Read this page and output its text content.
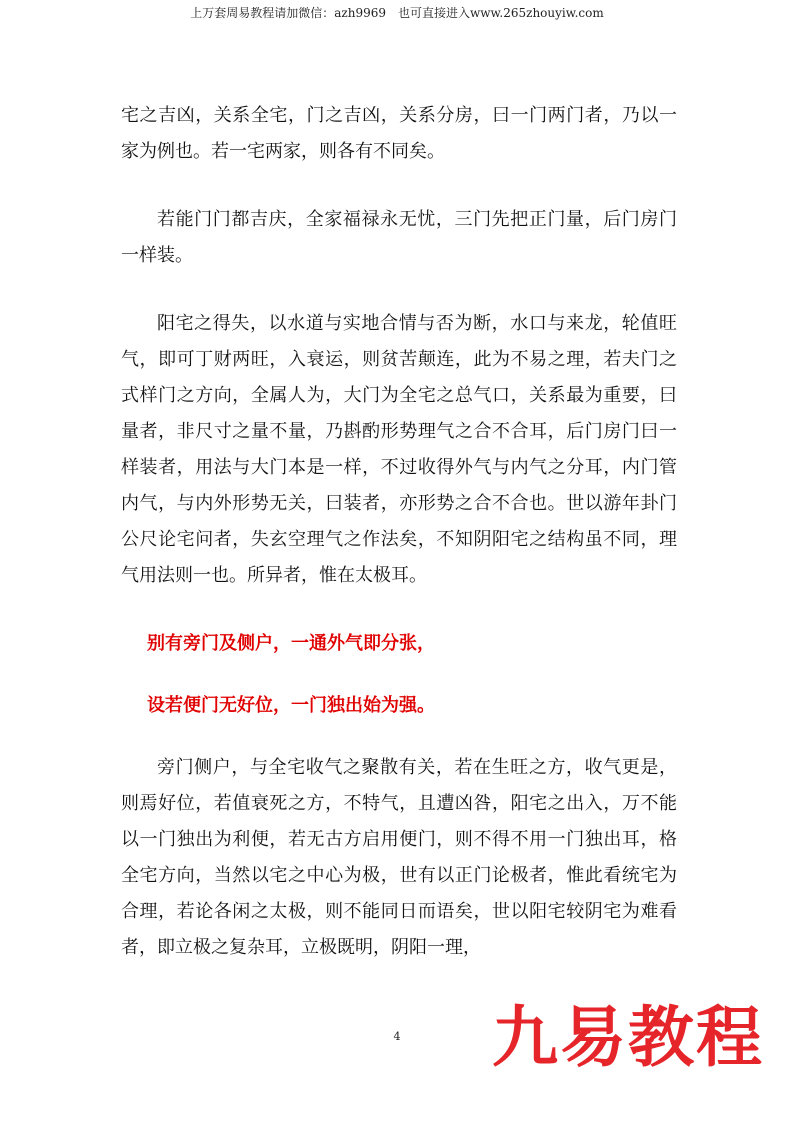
上万套周易教程请加微信：azh9969　也可直接进入www.265zhouyiw.com

宅之吉凶，关系全宅，门之吉凶，关系分房，曰一门两门者，乃以一家为例也。若一宅两家，则各有不同矣。

若能门门都吉庆，全家福禄永无忧，三门先把正门量，后门房门一样装。

阳宅之得失，以水道与实地合情与否为断，水口与来龙，轮值旺气，即可丁财两旺，入衰运，则贫苦颠连，此为不易之理，若夫门之式样门之方向，全属人为，大门为全宅之总气口，关系最为重要，曰量者，非尺寸之量不量，乃斟酌形势理气之合不合耳，后门房门曰一样装者，用法与大门本是一样，不过收得外气与内气之分耳，内门管内气，与内外形势无关，曰装者，亦形势之合不合也。世以游年卦门公尺论宅问者，失玄空理气之作法矣，不知阴阳宅之结构虽不同，理气用法则一也。所异者，惟在太极耳。

别有旁门及侧户，一通外气即分张，

设若便门无好位，一门独出始为强。

旁门侧户，与全宅收气之聚散有关，若在生旺之方，收气更是，则焉好位，若值衰死之方，不特气，且遭凶咎，阳宅之出入，万不能以一门独出为利便，若无古方启用便门，则不得不用一门独出耳，格全宅方向，当然以宅之中心为极，世有以正门论极者，惟此看统宅为合理，若论各闲之太极，则不能同日而语矣，世以阳宅较阴宅为难看者，即立极之复杂耳，立极既明，阴阳一理，

4	九易教程
